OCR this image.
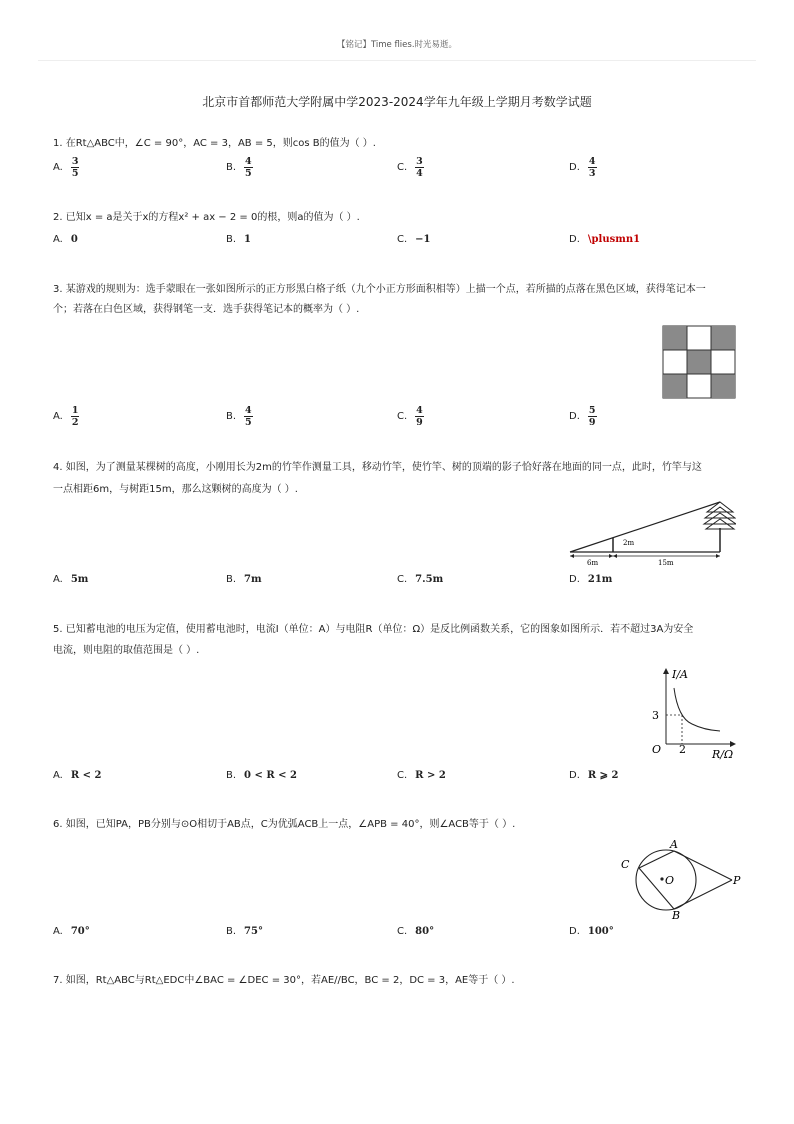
【铭记】Time flies.时光易逝。
北京市首都师范大学附属中学2023-2024学年九年级上学期月考数学试题
1. 在Rt△ABC中，∠C = 90°，AC = 3，AB = 5，则cos B的值为（ ）.
A. $\frac{3}{5}$	B. $\frac{4}{5}$	C. $\frac{3}{4}$	D. $\frac{4}{3}$
2. 已知x = a是关于x的方程x² + ax − 2 = 0的根，则a的值为（ ）.
A. 0	B. 1	C. −1	D. \plusmn1
3. 某游戏的规则为：选手蒙眼在一张如图所示的正方形黑白格子纸（九个小正方形面积相等）上描一个点，若所描的点落在黑色区域，获得笔记本一
个；若落在白色区域，获得钢笔一支．选手获得笔记本的概率为（ ）.
A. $\frac{1}{2}$	B. $\frac{4}{5}$	C. $\frac{4}{9}$	D. $\frac{5}{9}$
4. 如图，为了测量某棵树的高度，小刚用长为2m的竹竿作测量工具，移动竹竿，使竹竿、树的顶端的影子恰好落在地面的同一点，此时，竹竿与这
一点相距6m，与树距15m，那么这颗树的高度为（ ）.
2m
6m	15m
A. 5m	B. 7m	C. 7.5m	D. 21m
5. 已知蓄电池的电压为定值，使用蓄电池时，电流I（单位：A）与电阻R（单位：Ω）是反比例函数关系，它的图象如图所示．若不超过3A为安全
电流，则电阻的取值范围是（ ）.
I/A
R/Ω
O
3
2
A. R < 2	B. 0 < R < 2	C. R > 2	D. R ⩾ 2
6. 如图，已知PA，PB分别与⊙O相切于AB点，C为优弧ACB上一点，∠APB = 40°，则∠ACB等于（ ）.
A
B
C
O	P
A. 70°	B. 75°	C. 80°	D. 100°
7. 如图，Rt△ABC与Rt△EDC中∠BAC = ∠DEC = 30°，若AE//BC，BC = 2，DC = 3，AE等于（ ）.
